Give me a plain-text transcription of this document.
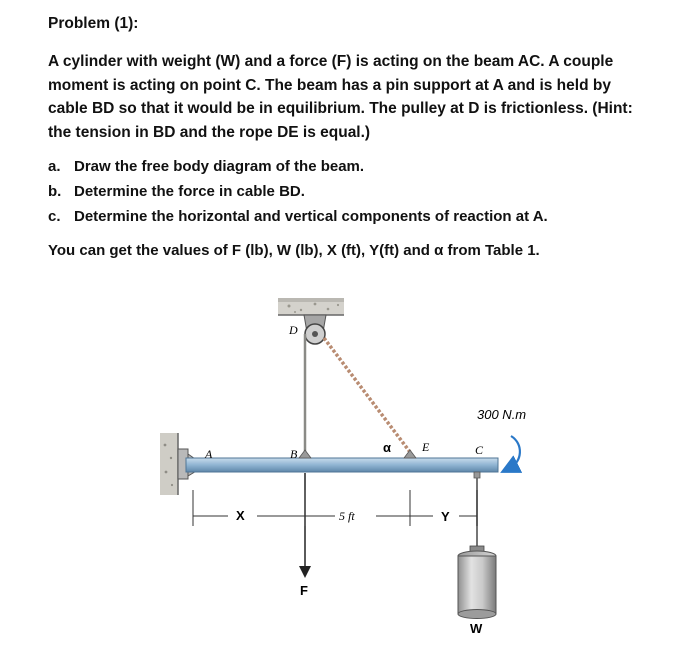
Problem (1):

A cylinder with weight (W) and a force (F) is acting on the beam AC. A couple
moment is acting on point C. The beam has a pin support at A and is held by
cable BD so that it would be in equilibrium. The pulley at D is frictionless. (Hint:
the tension in BD and the rope DE is equal.)

a. Draw the free body diagram of the beam.
b. Determine the force in cable BD.
c. Determine the horizontal and vertical components of reaction at A.

You can get the values of F (lb), W (lb), X (ft), Y(ft) and α from Table 1.

A	B	C
D
E
300 N.m
α
X	5 ft	Y
F
W
